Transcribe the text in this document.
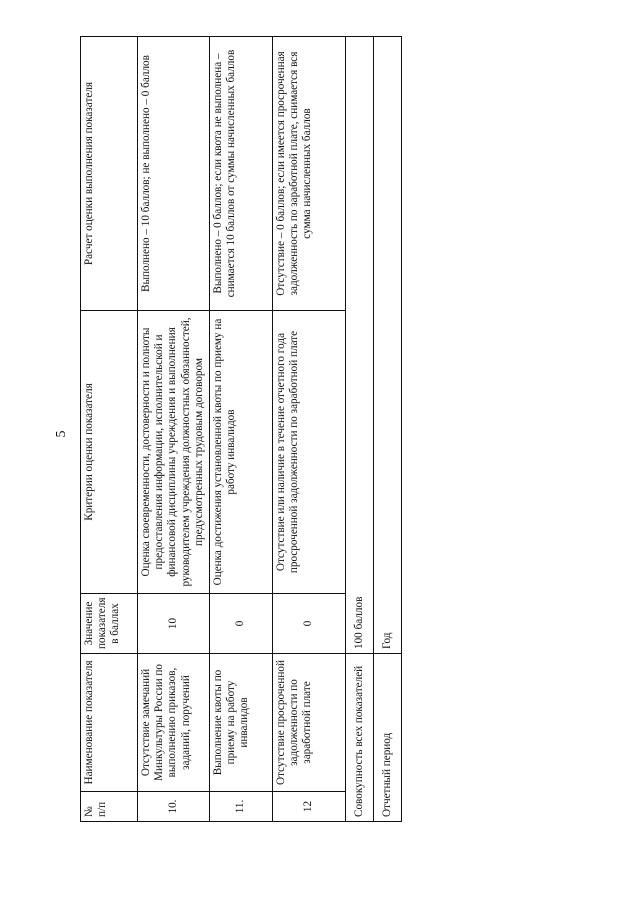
5
№ п/п	Наименование показателя	Значение показателя в баллах	Критерии оценки показателя	Расчет оценки выполнения показателя
10.	Отсутствие замечаний Минкультуры России по выполнению приказов, заданий, поручений	10	Оценка своевременности, достоверности и полноты предоставления информации, исполнительской и финансовой дисциплины учреждения и выполнения руководителем учреждения должностных обязанностей, предусмотренных трудовым договором	Выполнено – 10 баллов; не выполнено – 0 баллов
11.	Выполнение квоты по приему на работу инвалидов	0	Оценка достижения установленной квоты по приему на работу инвалидов	Выполнено – 0 баллов; если квота не выполнена – снимается 10 баллов от суммы начисленных баллов
12	Отсутствие просроченной задолженности по заработной плате	0	Отсутствие или наличие в течение отчетного года просроченной задолженности по заработной плате	Отсутствие – 0 баллов; если имеется просроченная задолженность по заработной плате, снимается вся сумма начисленных баллов
Совокупность всех показателей		100 баллов		
Отчетный период		Год		
